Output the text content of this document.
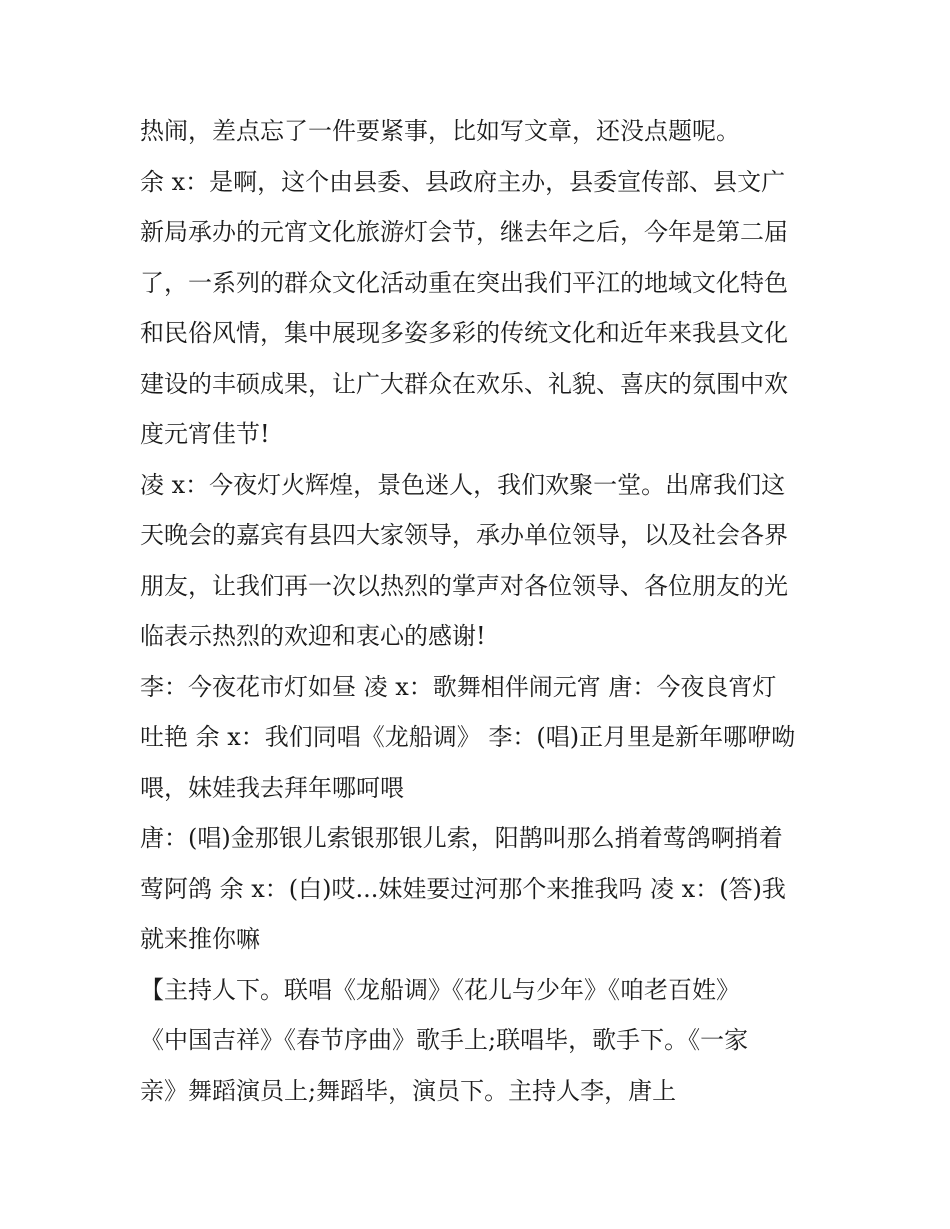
热闹，差点忘了一件要紧事，比如写文章，还没点题呢。

余 x：是啊，这个由县委、县政府主办，县委宣传部、县文广
新局承办的元宵文化旅游灯会节，继去年之后，今年是第二届
了，一系列的群众文化活动重在突出我们平江的地域文化特色
和民俗风情，集中展现多姿多彩的传统文化和近年来我县文化
建设的丰硕成果，让广大群众在欢乐、礼貌、喜庆的氛围中欢
度元宵佳节!

凌 x：今夜灯火辉煌，景色迷人，我们欢聚一堂。出席我们这
天晚会的嘉宾有县四大家领导，承办单位领导，以及社会各界
朋友，让我们再一次以热烈的掌声对各位领导、各位朋友的光
临表示热烈的欢迎和衷心的感谢!

李：今夜花市灯如昼 凌 x：歌舞相伴闹元宵 唐：今夜良宵灯
吐艳 余 x：我们同唱《龙船调》 李：(唱)正月里是新年哪咿呦
喂，妹娃我去拜年哪呵喂

唐：(唱)金那银儿索银那银儿索，阳鹊叫那么捎着莺鸽啊捎着
莺阿鸽 余 x：(白)哎...妹娃要过河那个来推我吗 凌 x：(答)我
就来推你嘛

【主持人下。联唱《龙船调》《花儿与少年》《咱老百姓》
《中国吉祥》《春节序曲》歌手上;联唱毕，歌手下。《一家
亲》舞蹈演员上;舞蹈毕，演员下。主持人李，唐上
